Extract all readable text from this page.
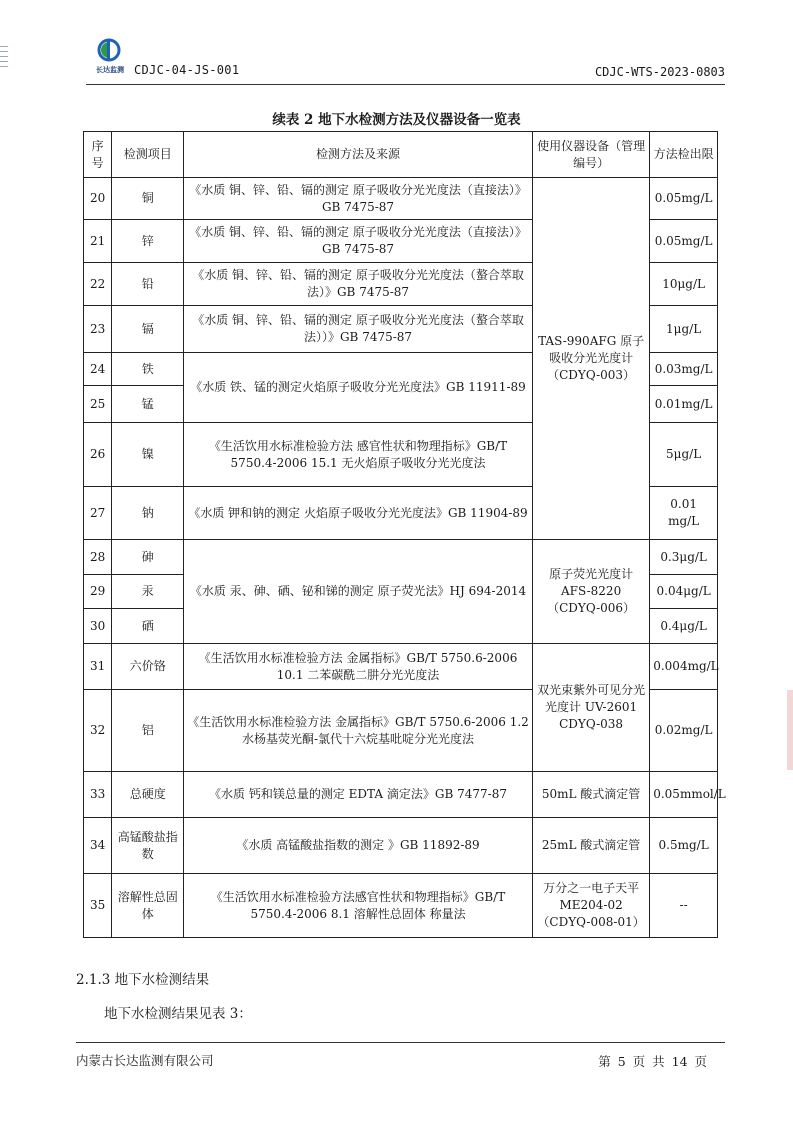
长达监测 CDJC-04-JS-001	CDJC-WTS-2023-0803
续表 2 地下水检测方法及仪器设备一览表
序号	检测项目	检测方法及来源	使用仪器设备（管理编号）	方法检出限
20	铜	《水质 铜、锌、铅、镉的测定 原子吸收分光光度法（直接法）》GB 7475-87	TAS-990AFG 原子吸收分光光度计（CDYQ-003）	0.05mg/L
21	锌	《水质 铜、锌、铅、镉的测定 原子吸收分光光度法（直接法）》GB 7475-87		0.05mg/L
22	铅	《水质 铜、锌、铅、镉的测定 原子吸收分光光度法（螯合萃取法）》GB 7475-87		10μg/L
23	镉	《水质 铜、锌、铅、镉的测定 原子吸收分光光度法（螯合萃取法））》GB 7475-87		1μg/L
24	铁	《水质 铁、锰的测定火焰原子吸收分光光度法》GB 11911-89		0.03mg/L
25	锰			0.01mg/L
26	镍	《生活饮用水标准检验方法 感官性状和物理指标》GB/T 5750.4-2006 15.1 无火焰原子吸收分光光度法		5μg/L
27	钠	《水质 钾和钠的测定 火焰原子吸收分光光度法》GB 11904-89		0.01 mg/L
28	砷	《水质 汞、砷、硒、铋和锑的测定 原子荧光法》HJ 694-2014	原子荧光光度计 AFS-8220（CDYQ-006）	0.3μg/L
29	汞			0.04μg/L
30	硒			0.4μg/L
31	六价铬	《生活饮用水标准检验方法 金属指标》GB/T 5750.6-2006 10.1 二苯碳酰二肼分光光度法	双光束紫外可见分光光度计 UV-2601 CDYQ-038	0.004mg/L
32	铝	《生活饮用水标准检验方法 金属指标》GB/T 5750.6-2006 1.2 水杨基荧光酮-氯代十六烷基吡啶分光光度法		0.02mg/L
33	总硬度	《水质 钙和镁总量的测定 EDTA 滴定法》GB 7477-87	50mL 酸式滴定管	0.05mmol/L
34	高锰酸盐指数	《水质 高锰酸盐指数的测定 》GB 11892-89	25mL 酸式滴定管	0.5mg/L
35	溶解性总固体	《生活饮用水标准检验方法感官性状和物理指标》GB/T 5750.4-2006 8.1 溶解性总固体 称量法	万分之一电子天平 ME204-02（CDYQ-008-01）	--
2.1.3 地下水检测结果
地下水检测结果见表 3：
内蒙古长达监测有限公司	第 5 页 共 14 页
